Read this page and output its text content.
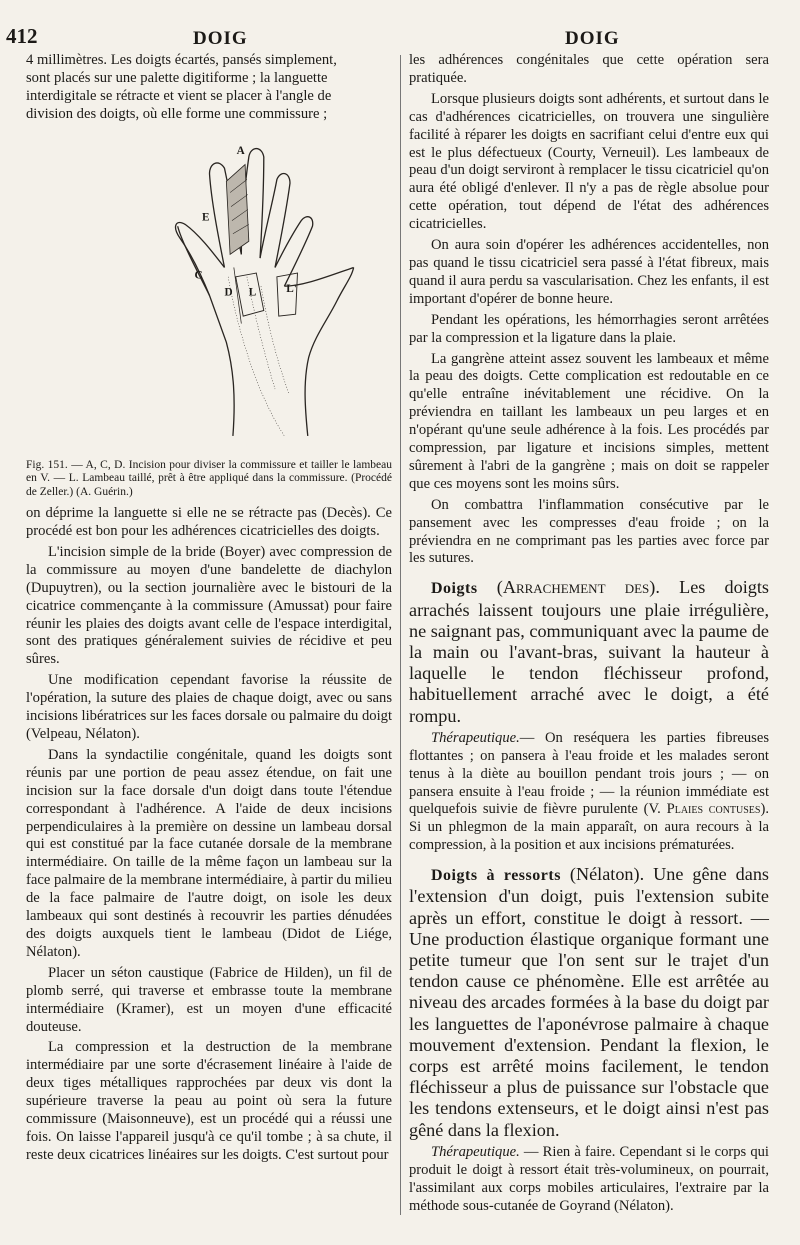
412	DOIG	DOIG

4 millimètres. Les doigts écartés, pansés simplement,

sont placés sur une palette digitiforme ; la languette

interdigitale se rétracte et vient se placer à l'angle de

division des doigts, où elle forme une commissure ;

A
E
C
D L L'

Fig. 151. — A, C, D. Incision pour diviser la commissure et tailler le lambeau en V. — L. Lambeau taillé, prêt à être appliqué dans la commissure. (Procédé de Zeller.) (A. Guérin.)

on déprime la languette si elle ne se rétracte pas (Decès). Ce procédé est bon pour les adhérences cicatricielles des doigts.

L'incision simple de la bride (Boyer) avec compression de la commissure au moyen d'une bandelette de diachylon (Dupuytren), ou la section journalière avec le bistouri de la cicatrice commençante à la commissure (Amussat) pour faire réunir les plaies des doigts avant celle de l'espace interdigital, sont des pratiques généralement suivies de récidive et peu sûres.

Une modification cependant favorise la réussite de l'opération, la suture des plaies de chaque doigt, avec ou sans incisions libératrices sur les faces dorsale ou palmaire du doigt (Velpeau, Nélaton).

Dans la syndactilie congénitale, quand les doigts sont réunis par une portion de peau assez étendue, on fait une incision sur la face dorsale d'un doigt dans toute l'étendue correspondant à l'adhérence. A l'aide de deux incisions perpendiculaires à la première on dessine un lambeau dorsal qui est constitué par la face cutanée dorsale de la membrane intermédiaire. On taille de la même façon un lambeau sur la face palmaire de la membrane intermédiaire, à partir du milieu de la face palmaire de l'autre doigt, on isole les deux lambeaux qui sont destinés à recouvrir les parties dénudées des doigts auxquels tient le lambeau (Didot de Liége, Nélaton).

Placer un séton caustique (Fabrice de Hilden), un fil de plomb serré, qui traverse et embrasse toute la membrane intermédiaire (Kramer), est un moyen d'une efficacité douteuse.

La compression et la destruction de la membrane intermédiaire par une sorte d'écrasement linéaire à l'aide de deux tiges métalliques rapprochées par deux vis dont la supérieure traverse la peau au point où sera la future commissure (Maisonneuve), est un procédé qui a réussi une fois. On laisse l'appareil jusqu'à ce qu'il tombe ; à sa chute, il reste deux cicatrices linéaires sur les doigts. C'est surtout pour

les adhérences congénitales que cette opération sera pratiquée.

Lorsque plusieurs doigts sont adhérents, et surtout dans le cas d'adhérences cicatricielles, on trouvera une singulière facilité à réparer les doigts en sacrifiant celui d'entre eux qui est le plus défectueux (Courty, Verneuil). Les lambeaux de peau d'un doigt serviront à remplacer le tissu cicatriciel qu'on aura été obligé d'enlever. Il n'y a pas de règle absolue pour cette opération, tout dépend de l'état des adhérences cicatricielles.

On aura soin d'opérer les adhérences accidentelles, non pas quand le tissu cicatriciel sera passé à l'état fibreux, mais quand il aura perdu sa vascularisation. Chez les enfants, il est important d'opérer de bonne heure.

Pendant les opérations, les hémorrhagies seront arrêtées par la compression et la ligature dans la plaie.

La gangrène atteint assez souvent les lambeaux et même la peau des doigts. Cette complication est redoutable en ce qu'elle entraîne inévitablement une récidive. On la préviendra en taillant les lambeaux un peu larges et en n'opérant qu'une seule adhérence à la fois. Les procédés par compression, par ligature et incisions simples, mettent sûrement à l'abri de la gangrène ; mais on doit se rappeler que ces moyens sont les moins sûrs.

On combattra l'inflammation consécutive par le pansement avec les compresses d'eau froide ; on la préviendra en ne comprimant pas les parties avec force par les sutures.

Doigts (Arrachement des). Les doigts arrachés laissent toujours une plaie irrégulière, ne saignant pas, communiquant avec la paume de la main ou l'avant-bras, suivant la hauteur à laquelle le tendon fléchisseur profond, habituellement arraché avec le doigt, a été rompu.

Thérapeutique.— On reséquera les parties fibreuses flottantes ; on pansera à l'eau froide et les malades seront tenus à la diète au bouillon pendant trois jours ; — on pansera ensuite à l'eau froide ; — la réunion immédiate est quelquefois suivie de fièvre purulente (V. Plaies contuses). Si un phlegmon de la main apparaît, on aura recours à la compression, à la position et aux incisions prématurées.

Doigts à ressorts (Nélaton). Une gêne dans l'extension d'un doigt, puis l'extension subite après un effort, constitue le doigt à ressort. — Une production élastique organique formant une petite tumeur que l'on sent sur le trajet d'un tendon cause ce phénomène. Elle est arrêtée au niveau des arcades formées à la base du doigt par les languettes de l'aponévrose palmaire à chaque mouvement d'extension. Pendant la flexion, le corps est arrêté moins facilement, le tendon fléchisseur a plus de puissance sur l'obstacle que les tendons extenseurs, et le doigt ainsi n'est pas gêné dans la flexion.

Thérapeutique. — Rien à faire. Cependant si le corps qui produit le doigt à ressort était très-volumineux, on pourrait, l'assimilant aux corps mobiles articulaires, l'extraire par la méthode sous-cutanée de Goyrand (Nélaton).
